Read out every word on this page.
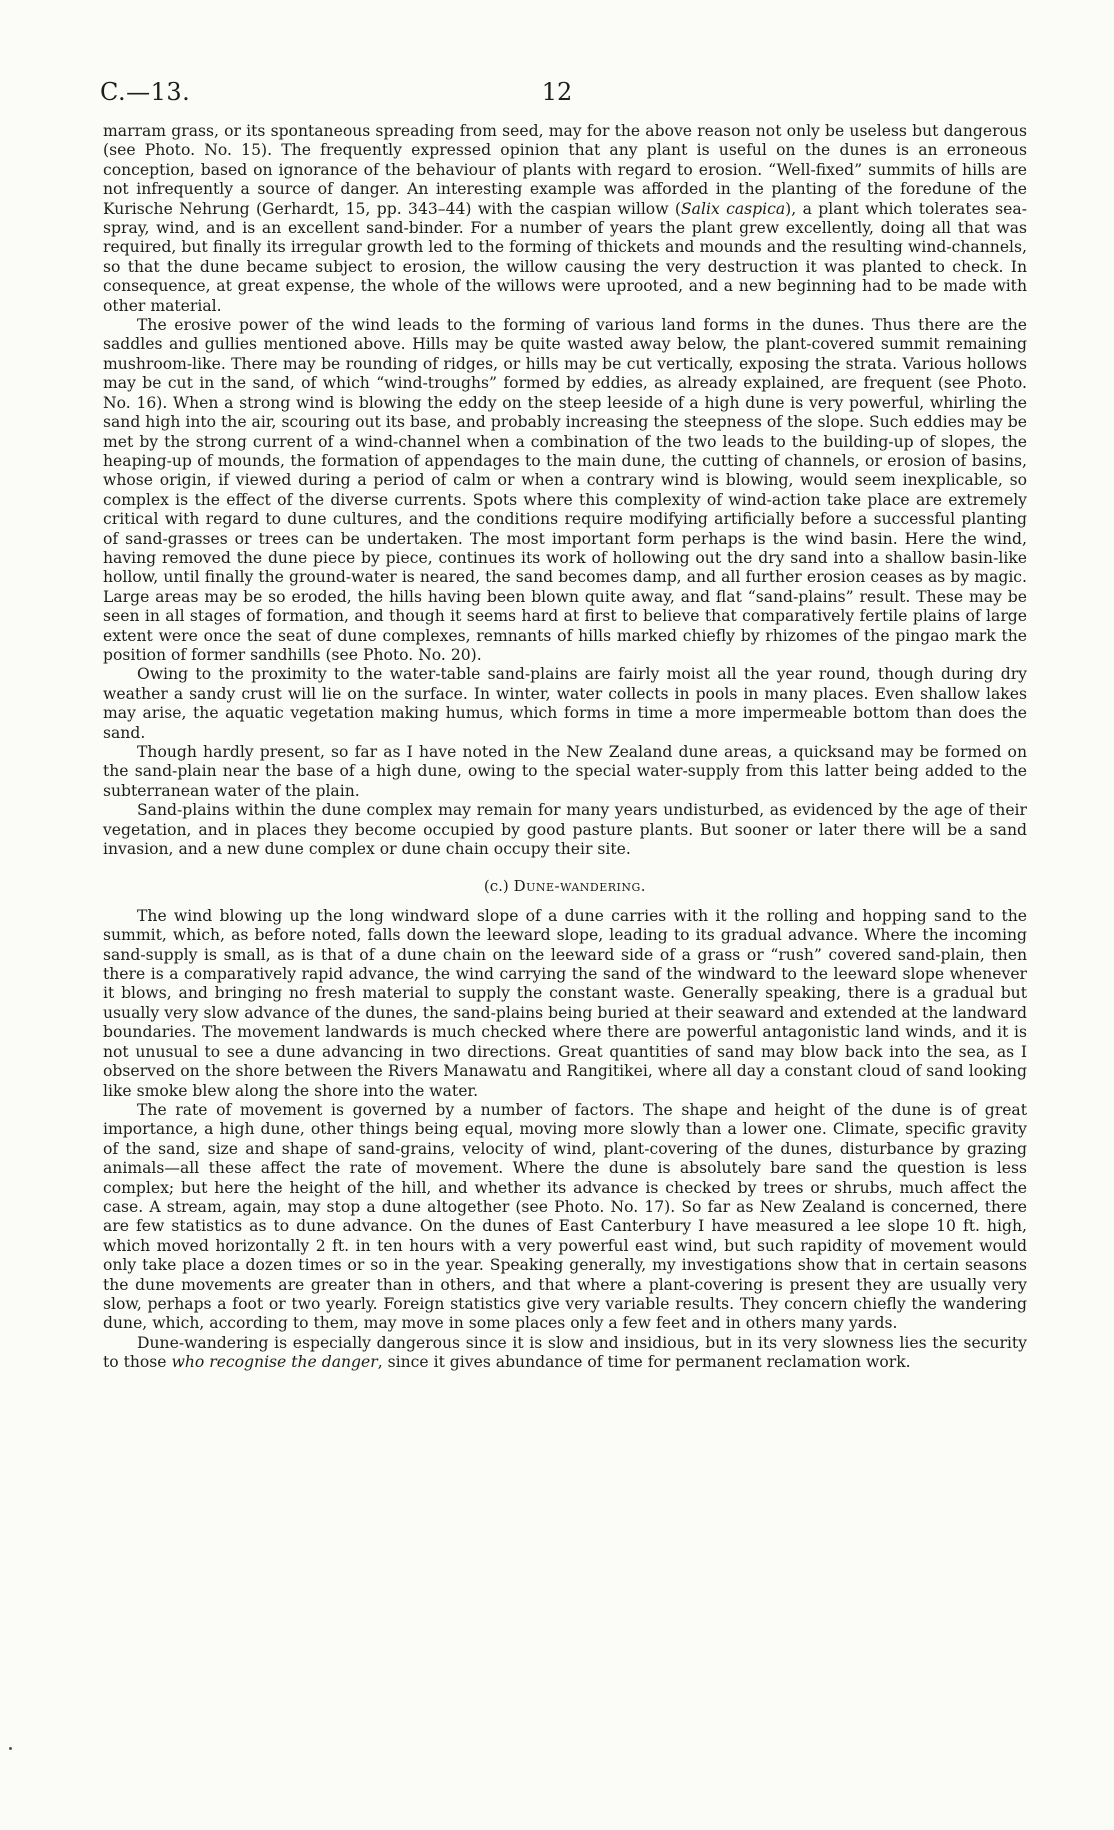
C.—13.	12

marram grass, or its spontaneous spreading from seed, may for the above reason not only be useless but dangerous (see Photo. No. 15). The frequently expressed opinion that any plant is useful on the dunes is an erroneous conception, based on ignorance of the behaviour of plants with regard to erosion. “Well-fixed” summits of hills are not infrequently a source of danger. An interesting example was afforded in the planting of the foredune of the Kurische Nehrung (Gerhardt, 15, pp. 343–44) with the caspian willow (Salix caspica), a plant which tolerates sea-spray, wind, and is an excellent sand-binder. For a number of years the plant grew excellently, doing all that was required, but finally its irregular growth led to the forming of thickets and mounds and the resulting wind-channels, so that the dune became subject to erosion, the willow causing the very destruction it was planted to check. In consequence, at great expense, the whole of the willows were uprooted, and a new beginning had to be made with other material.

The erosive power of the wind leads to the forming of various land forms in the dunes. Thus there are the saddles and gullies mentioned above. Hills may be quite wasted away below, the plant-covered summit remaining mushroom-like. There may be rounding of ridges, or hills may be cut vertically, exposing the strata. Various hollows may be cut in the sand, of which “wind-troughs” formed by eddies, as already explained, are frequent (see Photo. No. 16). When a strong wind is blowing the eddy on the steep leeside of a high dune is very powerful, whirling the sand high into the air, scouring out its base, and probably increasing the steepness of the slope. Such eddies may be met by the strong current of a wind-channel when a combination of the two leads to the building-up of slopes, the heaping-up of mounds, the formation of appendages to the main dune, the cutting of channels, or erosion of basins, whose origin, if viewed during a period of calm or when a contrary wind is blowing, would seem inexplicable, so complex is the effect of the diverse currents. Spots where this complexity of wind-action take place are extremely critical with regard to dune cultures, and the conditions require modifying artificially before a successful planting of sand-grasses or trees can be undertaken. The most important form perhaps is the wind basin. Here the wind, having removed the dune piece by piece, continues its work of hollowing out the dry sand into a shallow basin-like hollow, until finally the ground-water is neared, the sand becomes damp, and all further erosion ceases as by magic. Large areas may be so eroded, the hills having been blown quite away, and flat “sand-plains” result. These may be seen in all stages of formation, and though it seems hard at first to believe that comparatively fertile plains of large extent were once the seat of dune complexes, remnants of hills marked chiefly by rhizomes of the pingao mark the position of former sandhills (see Photo. No. 20).

Owing to the proximity to the water-table sand-plains are fairly moist all the year round, though during dry weather a sandy crust will lie on the surface. In winter, water collects in pools in many places. Even shallow lakes may arise, the aquatic vegetation making humus, which forms in time a more impermeable bottom than does the sand.

Though hardly present, so far as I have noted in the New Zealand dune areas, a quicksand may be formed on the sand-plain near the base of a high dune, owing to the special water-supply from this latter being added to the subterranean water of the plain.

Sand-plains within the dune complex may remain for many years undisturbed, as evidenced by the age of their vegetation, and in places they become occupied by good pasture plants. But sooner or later there will be a sand invasion, and a new dune complex or dune chain occupy their site.

(c.) Dune-wandering.

The wind blowing up the long windward slope of a dune carries with it the rolling and hopping sand to the summit, which, as before noted, falls down the leeward slope, leading to its gradual advance. Where the incoming sand-supply is small, as is that of a dune chain on the leeward side of a grass or “rush” covered sand-plain, then there is a comparatively rapid advance, the wind carrying the sand of the windward to the leeward slope whenever it blows, and bringing no fresh material to supply the constant waste. Generally speaking, there is a gradual but usually very slow advance of the dunes, the sand-plains being buried at their seaward and extended at the landward boundaries. The movement landwards is much checked where there are powerful antagonistic land winds, and it is not unusual to see a dune advancing in two directions. Great quantities of sand may blow back into the sea, as I observed on the shore between the Rivers Manawatu and Rangitikei, where all day a constant cloud of sand looking like smoke blew along the shore into the water.

The rate of movement is governed by a number of factors. The shape and height of the dune is of great importance, a high dune, other things being equal, moving more slowly than a lower one. Climate, specific gravity of the sand, size and shape of sand-grains, velocity of wind, plant-covering of the dunes, disturbance by grazing animals—all these affect the rate of movement. Where the dune is absolutely bare sand the question is less complex; but here the height of the hill, and whether its advance is checked by trees or shrubs, much affect the case. A stream, again, may stop a dune altogether (see Photo. No. 17). So far as New Zealand is concerned, there are few statistics as to dune advance. On the dunes of East Canterbury I have measured a lee slope 10 ft. high, which moved horizontally 2 ft. in ten hours with a very powerful east wind, but such rapidity of movement would only take place a dozen times or so in the year. Speaking generally, my investigations show that in certain seasons the dune movements are greater than in others, and that where a plant-covering is present they are usually very slow, perhaps a foot or two yearly. Foreign statistics give very variable results. They concern chiefly the wandering dune, which, according to them, may move in some places only a few feet and in others many yards.

Dune-wandering is especially dangerous since it is slow and insidious, but in its very slowness lies the security to those who recognise the danger, since it gives abundance of time for permanent reclamation work.
